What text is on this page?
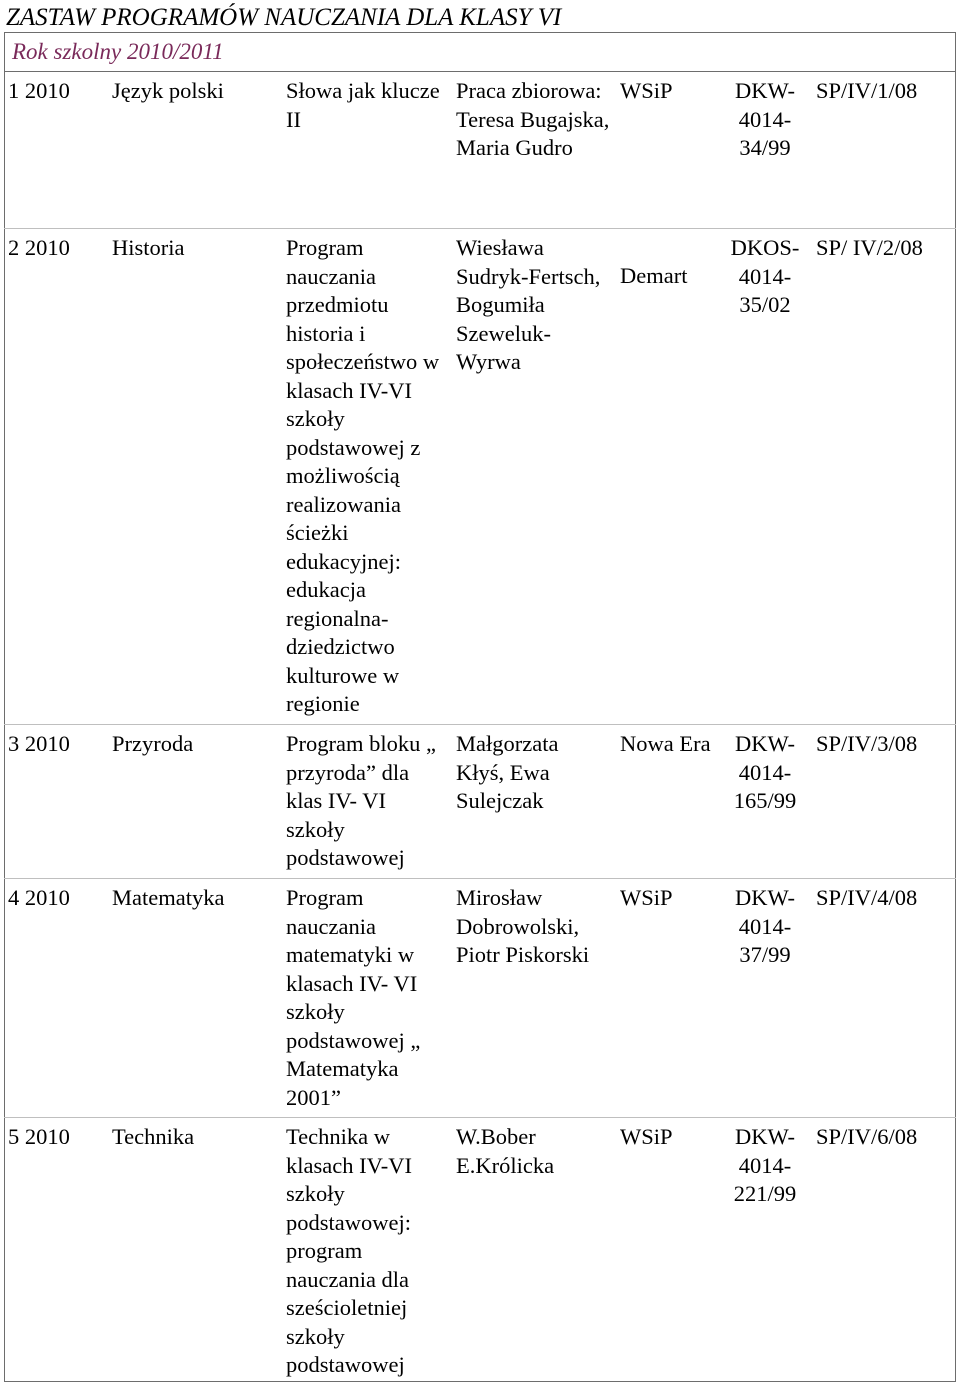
ZASTAW PROGRAMÓW NAUCZANIA DLA KLASY VI
Rok szkolny 2010/2011
1 2010	Język polski	Słowa jak klucze II	Praca zbiorowa: Teresa Bugajska, Maria Gudro	WSiP	DKW-4014-34/99	SP/IV/1/08
2 2010	Historia	Program nauczania przedmiotu historia i społeczeństwo w klasach IV-VI szkoły podstawowej z możliwością realizowania ścieżki edukacyjnej: edukacja regionalna-dziedzictwo kulturowe w regionie	Wiesława Sudryk-Fertsch, Bogumiła Szeweluk-Wyrwa	Demart	DKOS-4014-35/02	SP/ IV/2/08
3 2010	Przyroda	Program bloku „ przyroda” dla klas IV- VI szkoły podstawowej	Małgorzata Kłyś, Ewa Sulejczak	Nowa Era	DKW-4014-165/99	SP/IV/3/08
4 2010	Matematyka	Program nauczania matematyki w klasach IV- VI szkoły podstawowej „ Matematyka 2001”	Mirosław Dobrowolski, Piotr Piskorski	WSiP	DKW-4014-37/99	SP/IV/4/08
5 2010	Technika	Technika w klasach IV-VI szkoły podstawowej: program nauczania dla sześcioletniej szkoły podstawowej	W.Bober E.Królicka	WSiP	DKW-4014-221/99	SP/IV/6/08
